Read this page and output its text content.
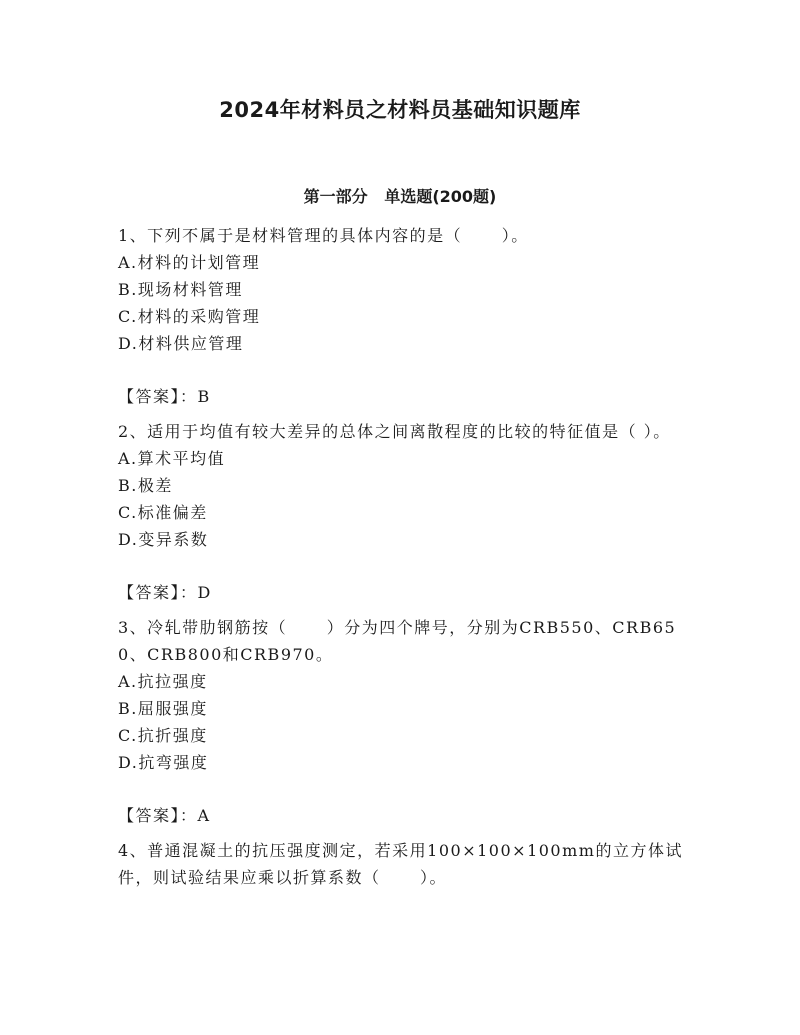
2024年材料员之材料员基础知识题库
第一部分   单选题(200题)
1、下列不属于是材料管理的具体内容的是（      ）。
A.材料的计划管理
B.现场材料管理
C.材料的采购管理
D.材料供应管理
【答案】：B
2、适用于均值有较大差异的总体之间离散程度的比较的特征值是（ ）。
A.算术平均值
B.极差
C.标准偏差
D.变异系数
【答案】：D
3、冷轧带肋钢筋按（      ）分为四个牌号，分别为CRB550、CRB650、CRB800和CRB970。
A.抗拉强度
B.屈服强度
C.抗折强度
D.抗弯强度
【答案】：A
4、普通混凝土的抗压强度测定，若采用100×100×100mm的立方体试件，则试验结果应乘以折算系数（      ）。
